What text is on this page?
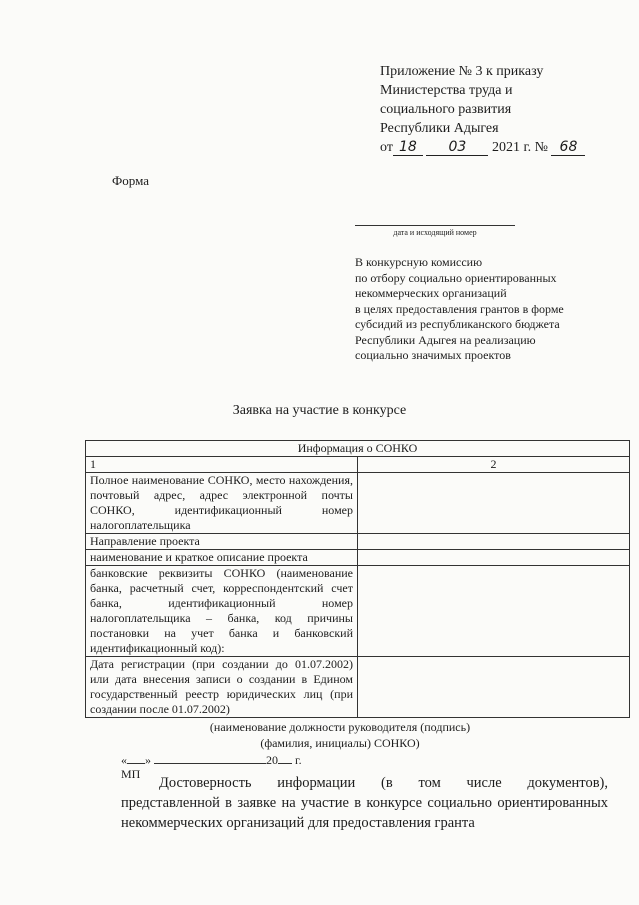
Приложение № 3 к приказу
Министерства труда и
социального развития
Республики Адыгея
от 18 03 2021 г. № 68
Форма
дата и исходящий номер
В конкурсную комиссию
по отбору социально ориентированных
некоммерческих организаций
в целях предоставления грантов в форме
субсидий из республиканского бюджета
Республики Адыгея на реализацию
социально значимых проектов
Заявка на участие в конкурсе
Информация о СОНКО	
1	2
Полное наименование СОНКО, место нахождения, почтовый адрес, адрес электронной почты СОНКО, идентификационный номер налогоплательщика	
Направление проекта	
наименование и краткое описание проекта	
банковские реквизиты СОНКО (наименование банка, расчетный счет, корреспондентский счет банка, идентификационный номер налогоплательщика – банка, код причины постановки на учет банка и банковский идентификационный код):	
Дата регистрации (при создании до 01.07.2002) или дата внесения записи о создании в Едином государственный реестр юридических лиц (при создании после 01.07.2002)	
(наименование должности руководителя (подпись)
(фамилия, инициалы) СОНКО)
« »	20 г.
МП
Достоверность информации (в том числе документов),
представленной в заявке на участие в конкурсе социально ориентированных некоммерческих организаций для предоставления гранта
